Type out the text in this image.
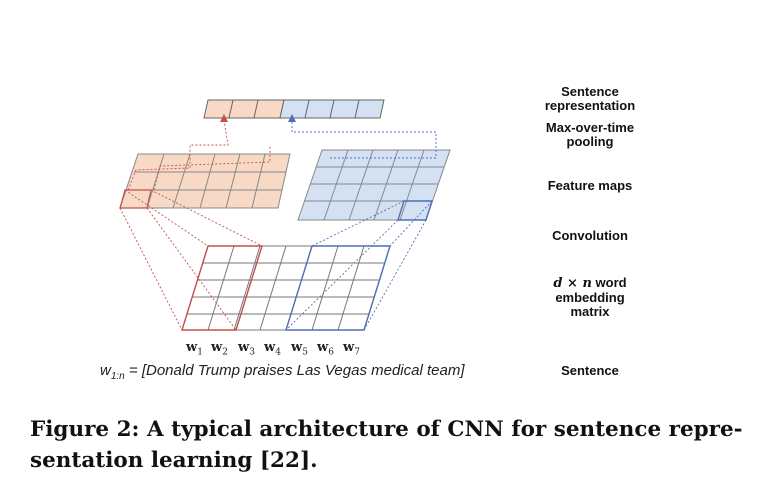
$w_1$ $w_2$ $w_3$ $w_4$ $w_5$ $w_6$ $w_7$
$w_{1:n}$ = [Donald Trump praises Las Vegas medical team]
Sentence representation
Max-over-time
pooling
Feature maps
Convolution
d × n word
embedding
matrix
Sentence
Figure 2: A typical architecture of CNN for sentence repre-
sentation learning [22].
